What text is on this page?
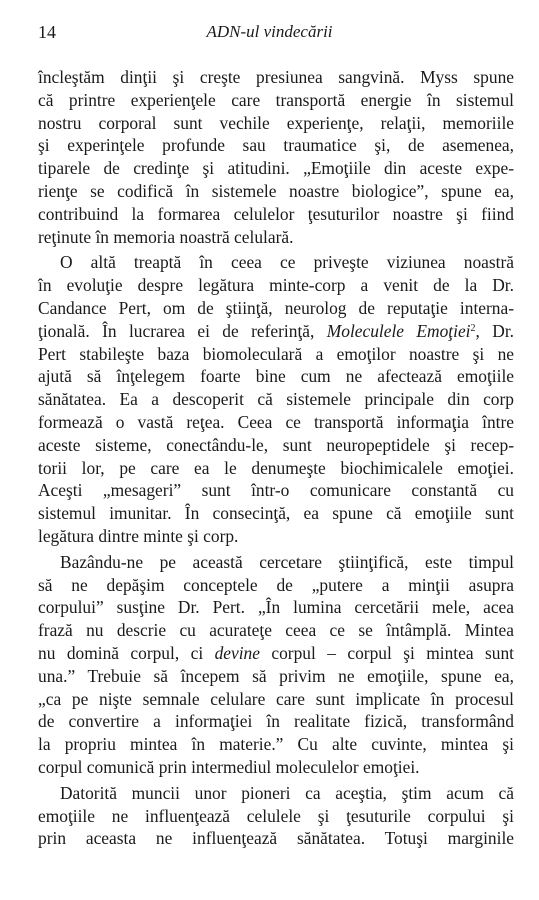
14	ADN-ul vindecării
încleştăm dinţii şi creşte presiunea sangvină. Myss spune
că printre experienţele care transportă energie în sistemul
nostru corporal sunt vechile experienţe, relaţii, memoriile
şi experinţele profunde sau traumatice şi, de asemenea,
tiparele de credinţe şi atitudini. „Emoţiile din aceste expe-
rienţe se codifică în sistemele noastre biologice”, spune ea,
contribuind la formarea celulelor ţesuturilor noastre şi fiind
reţinute în memoria noastră celulară.
O altă treaptă în ceea ce priveşte viziunea noastră
în evoluţie despre legătura minte-corp a venit de la Dr.
Candance Pert, om de ştiinţă, neurolog de reputaţie interna-
ţională. În lucrarea ei de referinţă, Moleculele Emoţiei$^2$, Dr.
Pert stabileşte baza biomoleculară a emoţilor noastre şi ne
ajută să înţelegem foarte bine cum ne afectează emoţiile
sănătatea. Ea a descoperit că sistemele principale din corp
formează o vastă reţea. Ceea ce transportă informaţia între
aceste sisteme, conectându-le, sunt neuropeptidele şi recep-
torii lor, pe care ea le denumeşte biochimicalele emoţiei.
Aceşti „mesageri” sunt într-o comunicare constantă cu
sistemul imunitar. În consecinţă, ea spune că emoţiile sunt
legătura dintre minte şi corp.
Bazându-ne pe această cercetare ştiinţifică, este timpul
să ne depăşim conceptele de „putere a minţii asupra
corpului” susţine Dr. Pert. „În lumina cercetării mele, acea
frază nu descrie cu acurateţe ceea ce se întâmplă. Mintea
nu domină corpul, ci devine corpul – corpul şi mintea sunt
una.” Trebuie să începem să privim ne emoţiile, spune ea,
„ca pe nişte semnale celulare care sunt implicate în procesul
de convertire a informaţiei în realitate fizică, transformând
la propriu mintea în materie.” Cu alte cuvinte, mintea şi
corpul comunică prin intermediul moleculelor emoţiei.
Datorită muncii unor pioneri ca aceştia, ştim acum că
emoţiile ne influenţează celulele şi ţesuturile corpului şi
prin aceasta ne influenţează sănătatea. Totuşi marginile
